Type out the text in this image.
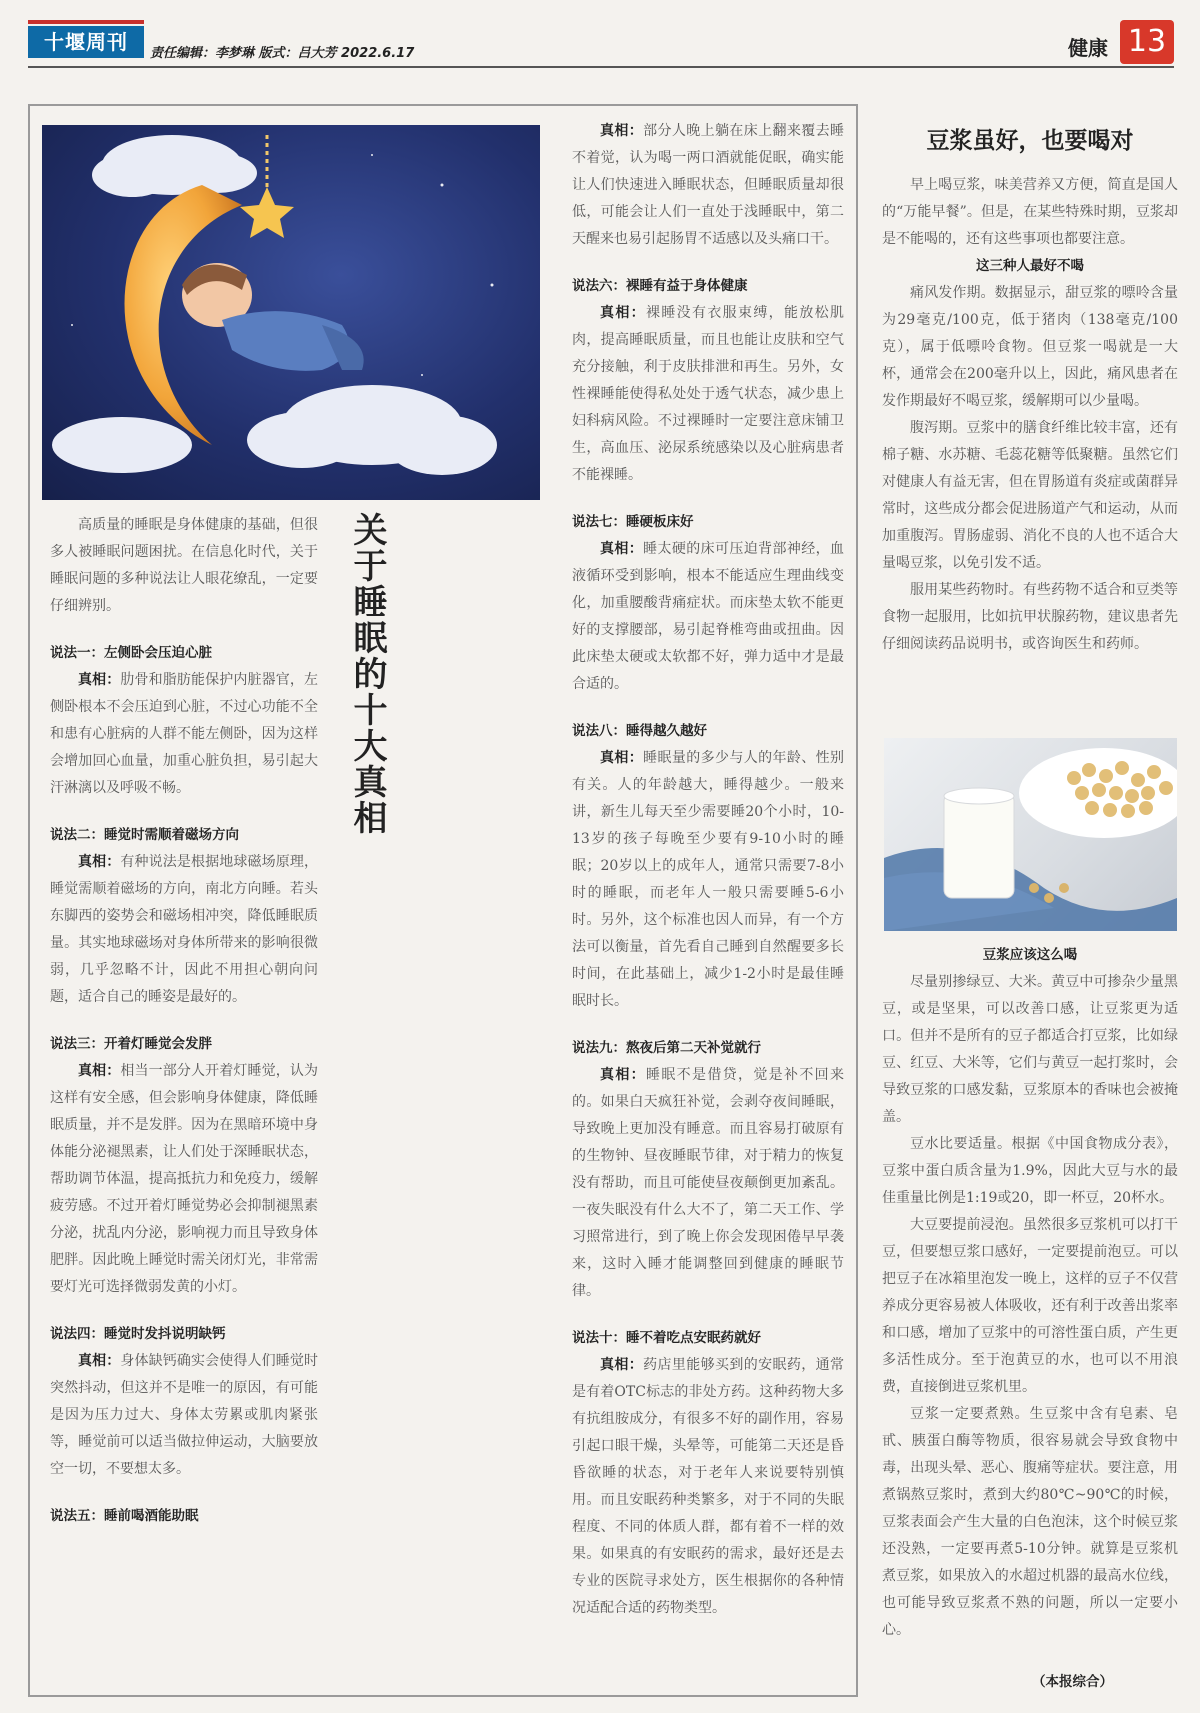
十堰周刊	责任编辑：李梦琳 版式：吕大芳 2022.6.17	健康 13
关于睡眠的十大真相

高质量的睡眠是身体健康的基础，但很多人被睡眠问题困扰。在信息化时代，关于睡眠问题的多种说法让人眼花缭乱，一定要仔细辨别。

说法一：左侧卧会压迫心脏

真相：肋骨和脂肪能保护内脏器官，左侧卧根本不会压迫到心脏，不过心功能不全和患有心脏病的人群不能左侧卧，因为这样会增加回心血量，加重心脏负担，易引起大汗淋漓以及呼吸不畅。

说法二：睡觉时需顺着磁场方向

真相：有种说法是根据地球磁场原理，睡觉需顺着磁场的方向，南北方向睡。若头东脚西的姿势会和磁场相冲突，降低睡眠质量。其实地球磁场对身体所带来的影响很微弱，几乎忽略不计，因此不用担心朝向问题，适合自己的睡姿是最好的。

说法三：开着灯睡觉会发胖

真相：相当一部分人开着灯睡觉，认为这样有安全感，但会影响身体健康，降低睡眠质量，并不是发胖。因为在黑暗环境中身体能分泌褪黑素，让人们处于深睡眠状态，帮助调节体温，提高抵抗力和免疫力，缓解疲劳感。不过开着灯睡觉势必会抑制褪黑素分泌，扰乱内分泌，影响视力而且导致身体肥胖。因此晚上睡觉时需关闭灯光，非常需要灯光可选择微弱发黄的小灯。

说法四：睡觉时发抖说明缺钙

真相：身体缺钙确实会使得人们睡觉时突然抖动，但这并不是唯一的原因，有可能是因为压力过大、身体太劳累或肌肉紧张等，睡觉前可以适当做拉伸运动，大脑要放空一切，不要想太多。

说法五：睡前喝酒能助眠

真相：部分人晚上躺在床上翻来覆去睡不着觉，认为喝一两口酒就能促眠，确实能让人们快速进入睡眠状态，但睡眠质量却很低，可能会让人们一直处于浅睡眠中，第二天醒来也易引起肠胃不适感以及头痛口干。

说法六：裸睡有益于身体健康

真相：裸睡没有衣服束缚，能放松肌肉，提高睡眠质量，而且也能让皮肤和空气充分接触，利于皮肤排泄和再生。另外，女性裸睡能使得私处处于透气状态，减少患上妇科病风险。不过裸睡时一定要注意床铺卫生，高血压、泌尿系统感染以及心脏病患者不能裸睡。

说法七：睡硬板床好

真相：睡太硬的床可压迫背部神经，血液循环受到影响，根本不能适应生理曲线变化，加重腰酸背痛症状。而床垫太软不能更好的支撑腰部，易引起脊椎弯曲或扭曲。因此床垫太硬或太软都不好，弹力适中才是最合适的。

说法八：睡得越久越好

真相：睡眠量的多少与人的年龄、性别有关。人的年龄越大，睡得越少。一般来讲，新生儿每天至少需要睡20个小时，10-13岁的孩子每晚至少要有9-10小时的睡眠；20岁以上的成年人，通常只需要7-8小时的睡眠，而老年人一般只需要睡5-6小时。另外，这个标准也因人而异，有一个方法可以衡量，首先看自己睡到自然醒要多长时间，在此基础上，减少1-2小时是最佳睡眠时长。

说法九：熬夜后第二天补觉就行

真相：睡眠不是借贷，觉是补不回来的。如果白天疯狂补觉，会剥夺夜间睡眠，导致晚上更加没有睡意。而且容易打破原有的生物钟、昼夜睡眠节律，对于精力的恢复没有帮助，而且可能使昼夜颠倒更加紊乱。一夜失眠没有什么大不了，第二天工作、学习照常进行，到了晚上你会发现困倦早早袭来，这时入睡才能调整回到健康的睡眠节律。

说法十：睡不着吃点安眠药就好

真相：药店里能够买到的安眠药，通常是有着OTC标志的非处方药。这种药物大多有抗组胺成分，有很多不好的副作用，容易引起口眼干燥，头晕等，可能第二天还是昏昏欲睡的状态，对于老年人来说要特别慎用。而且安眠药种类繁多，对于不同的失眠程度、不同的体质人群，都有着不一样的效果。如果真的有安眠药的需求，最好还是去专业的医院寻求处方，医生根据你的各种情况适配合适的药物类型。

豆浆虽好，也要喝对

早上喝豆浆，味美营养又方便，简直是国人的“万能早餐”。但是，在某些特殊时期，豆浆却是不能喝的，还有这些事项也都要注意。

这三种人最好不喝

痛风发作期。数据显示，甜豆浆的嘌呤含量为29毫克/100克，低于猪肉（138毫克/100克），属于低嘌呤食物。但豆浆一喝就是一大杯，通常会在200毫升以上，因此，痛风患者在发作期最好不喝豆浆，缓解期可以少量喝。

腹泻期。豆浆中的膳食纤维比较丰富，还有棉子糖、水苏糖、毛蕊花糖等低聚糖。虽然它们对健康人有益无害，但在胃肠道有炎症或菌群异常时，这些成分都会促进肠道产气和运动，从而加重腹泻。胃肠虚弱、消化不良的人也不适合大量喝豆浆，以免引发不适。

服用某些药物时。有些药物不适合和豆类等食物一起服用，比如抗甲状腺药物，建议患者先仔细阅读药品说明书，或咨询医生和药师。

豆浆应该这么喝

尽量别掺绿豆、大米。黄豆中可掺杂少量黑豆，或是坚果，可以改善口感，让豆浆更为适口。但并不是所有的豆子都适合打豆浆，比如绿豆、红豆、大米等，它们与黄豆一起打浆时，会导致豆浆的口感发黏，豆浆原本的香味也会被掩盖。

豆水比要适量。根据《中国食物成分表》，豆浆中蛋白质含量为1.9%，因此大豆与水的最佳重量比例是1:19或20，即一杯豆，20杯水。

大豆要提前浸泡。虽然很多豆浆机可以打干豆，但要想豆浆口感好，一定要提前泡豆。可以把豆子在冰箱里泡发一晚上，这样的豆子不仅营养成分更容易被人体吸收，还有利于改善出浆率和口感，增加了豆浆中的可溶性蛋白质，产生更多活性成分。至于泡黄豆的水，也可以不用浪费，直接倒进豆浆机里。

豆浆一定要煮熟。生豆浆中含有皂素、皂甙、胰蛋白酶等物质，很容易就会导致食物中毒，出现头晕、恶心、腹痛等症状。要注意，用煮锅熬豆浆时，煮到大约80℃~90℃的时候，豆浆表面会产生大量的白色泡沫，这个时候豆浆还没熟，一定要再煮5-10分钟。就算是豆浆机煮豆浆，如果放入的水超过机器的最高水位线，也可能导致豆浆煮不熟的问题，所以一定要小心。

（本报综合）
